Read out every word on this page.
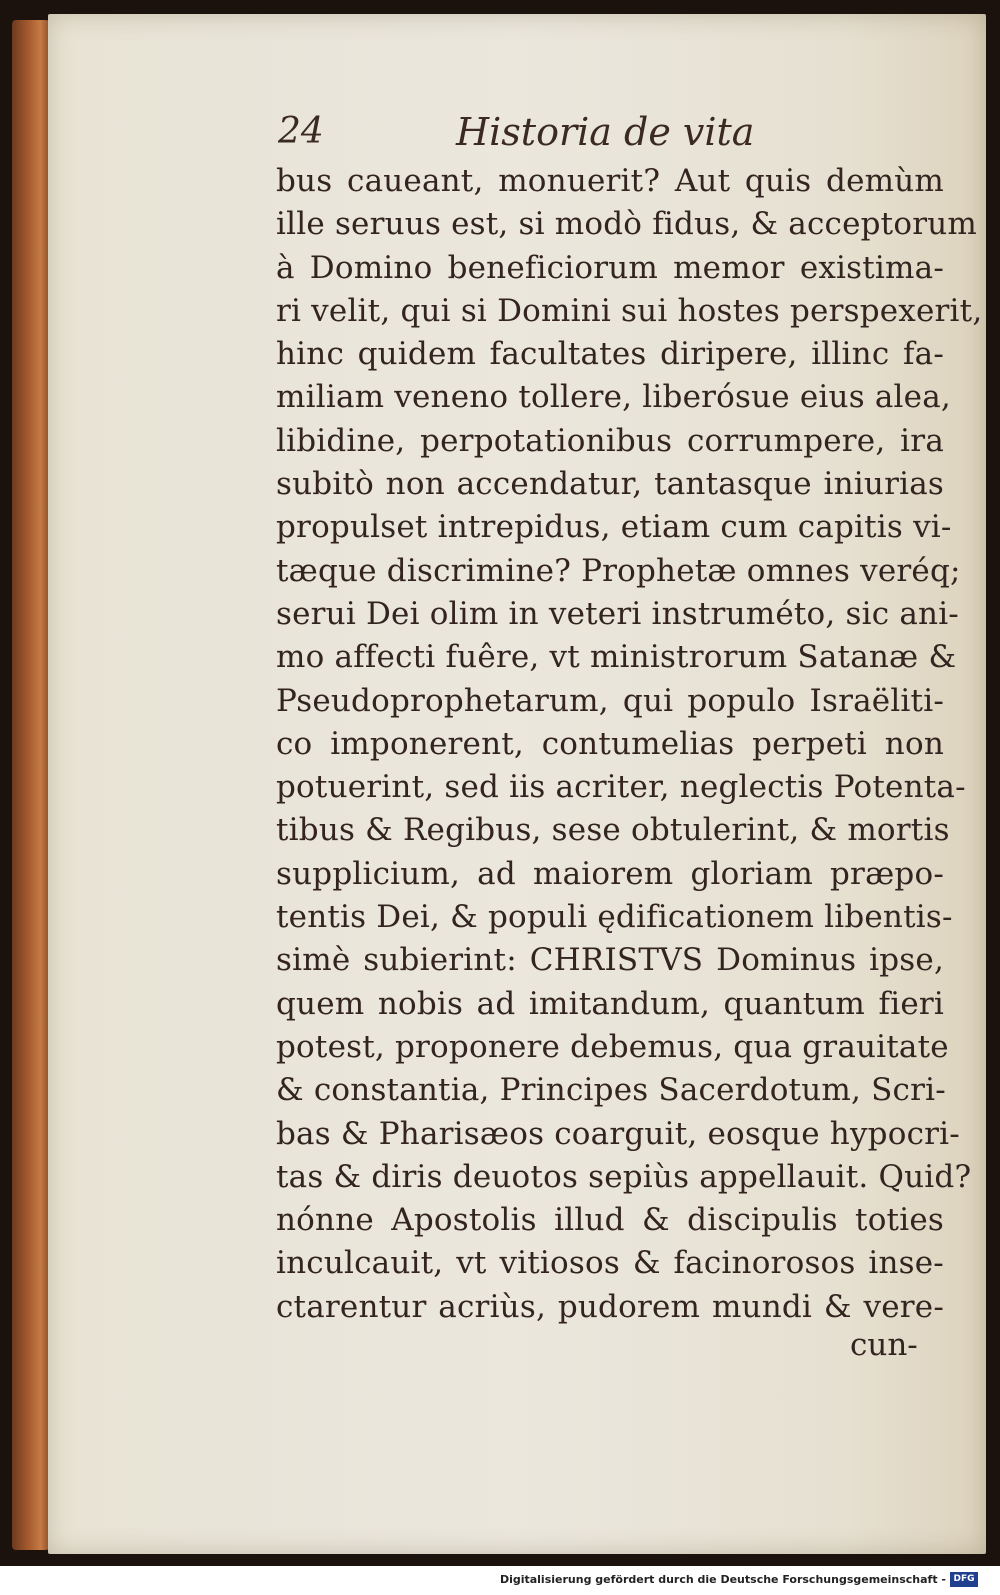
24	Historia de vita
bus caueant, monuerit? Aut quis demùm
ille seruus est, si modò fidus, & acceptorum
à Domino beneficiorum memor existima-
ri velit, qui si Domini sui hostes perspexerit,
hinc quidem facultates diripere, illinc fa-
miliam veneno tollere, liberósue eius alea,
libidine, perpotationibus corrumpere, ira
subitò non accendatur, tantasque iniurias
propulset intrepidus, etiam cum capitis vi-
tæque discrimine? Prophetæ omnes veréq;
serui Dei olim in veteri instruméto, sic ani-
mo affecti fuêre, vt ministrorum Satanæ &
Pseudoprophetarum, qui populo Israëliti-
co imponerent, contumelias perpeti non
potuerint, sed iis acriter, neglectis Potenta-
tibus & Regibus, sese obtulerint, & mortis
supplicium, ad maiorem gloriam præpo-
tentis Dei, & populi ędificationem libentis-
simè subierint: CHRISTVS Dominus ipse,
quem nobis ad imitandum, quantum fieri
potest, proponere debemus, qua grauitate
& constantia, Principes Sacerdotum, Scri-
bas & Pharisæos coarguit, eosque hypocri-
tas & diris deuotos sepiùs appellauit. Quid?
nónne Apostolis illud & discipulis toties
inculcauit, vt vitiosos & facinorosos inse-
ctarentur acriùs, pudorem mundi & vere-
cun-
Digitalisierung gefördert durch die Deutsche Forschungsgemeinschaft - DFG
